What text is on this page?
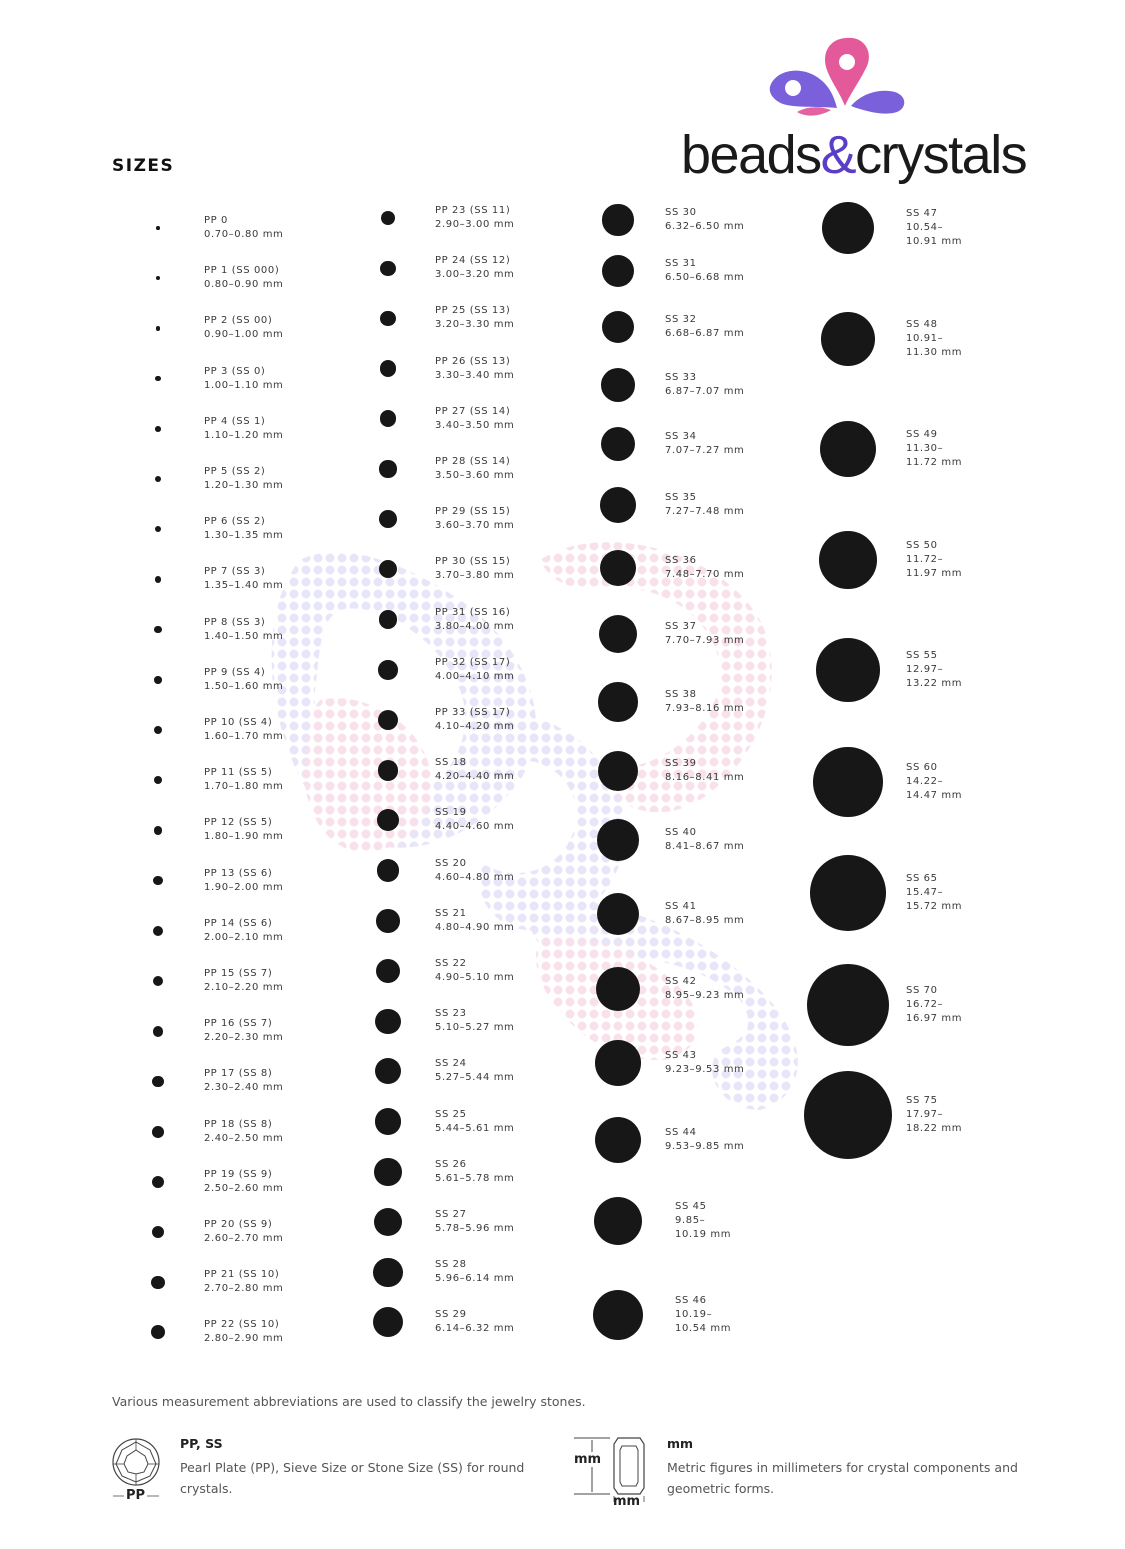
beads&crystals
SIZES
PP 0
0.70–0.80 mm
PP 1 (SS 000)
0.80–0.90 mm
PP 2 (SS 00)
0.90–1.00 mm
PP 3 (SS 0)
1.00–1.10 mm
PP 4 (SS 1)
1.10–1.20 mm
PP 5 (SS 2)
1.20–1.30 mm
PP 6 (SS 2)
1.30–1.35 mm
PP 7 (SS 3)
1.35–1.40 mm
PP 8 (SS 3)
1.40–1.50 mm
PP 9 (SS 4)
1.50–1.60 mm
PP 10 (SS 4)
1.60–1.70 mm
PP 11 (SS 5)
1.70–1.80 mm
PP 12 (SS 5)
1.80–1.90 mm
PP 13 (SS 6)
1.90–2.00 mm
PP 14 (SS 6)
2.00–2.10 mm
PP 15 (SS 7)
2.10–2.20 mm
PP 16 (SS 7)
2.20–2.30 mm
PP 17 (SS 8)
2.30–2.40 mm
PP 18 (SS 8)
2.40–2.50 mm
PP 19 (SS 9)
2.50–2.60 mm
PP 20 (SS 9)
2.60–2.70 mm
PP 21 (SS 10)
2.70–2.80 mm
PP 22 (SS 10)
2.80–2.90 mm
PP 23 (SS 11)
2.90–3.00 mm
PP 24 (SS 12)
3.00–3.20 mm
PP 25 (SS 13)
3.20–3.30 mm
PP 26 (SS 13)
3.30–3.40 mm
PP 27 (SS 14)
3.40–3.50 mm
PP 28 (SS 14)
3.50–3.60 mm
PP 29 (SS 15)
3.60–3.70 mm
PP 30 (SS 15)
3.70–3.80 mm
PP 31 (SS 16)
3.80–4.00 mm
PP 32 (SS 17)
4.00–4.10 mm
PP 33 (SS 17)
4.10–4.20 mm
SS 18
4.20–4.40 mm
SS 19
4.40–4.60 mm
SS 20
4.60–4.80 mm
SS 21
4.80–4.90 mm
SS 22
4.90–5.10 mm
SS 23
5.10–5.27 mm
SS 24
5.27–5.44 mm
SS 25
5.44–5.61 mm
SS 26
5.61–5.78 mm
SS 27
5.78–5.96 mm
SS 28
5.96–6.14 mm
SS 29
6.14–6.32 mm
SS 30
6.32–6.50 mm
SS 31
6.50–6.68 mm
SS 32
6.68–6.87 mm
SS 33
6.87–7.07 mm
SS 34
7.07–7.27 mm
SS 35
7.27–7.48 mm
SS 36
7.48–7.70 mm
SS 37
7.70–7.93 mm
SS 38
7.93–8.16 mm
SS 39
8.16–8.41 mm
SS 40
8.41–8.67 mm
SS 41
8.67–8.95 mm
SS 42
8.95–9.23 mm
SS 43
9.23–9.53 mm
SS 44
9.53–9.85 mm
SS 45
9.85–
10.19 mm
SS 46
10.19–
10.54 mm
SS 47
10.54–
10.91 mm
SS 48
10.91–
11.30 mm
SS 49
11.30–
11.72 mm
SS 50
11.72–
11.97 mm
SS 55
12.97–
13.22 mm
SS 60
14.22–
14.47 mm
SS 65
15.47–
15.72 mm
SS 70
16.72–
16.97 mm
SS 75
17.97–
18.22 mm
Various measurement abbreviations are used to classify the jewelry stones.
PP
PP, SS

Pearl Plate (PP), Sieve Size or Stone Size (SS) for round
crystals.

mm
mm
mm

Metric figures in millimeters for crystal components and
geometric forms.
